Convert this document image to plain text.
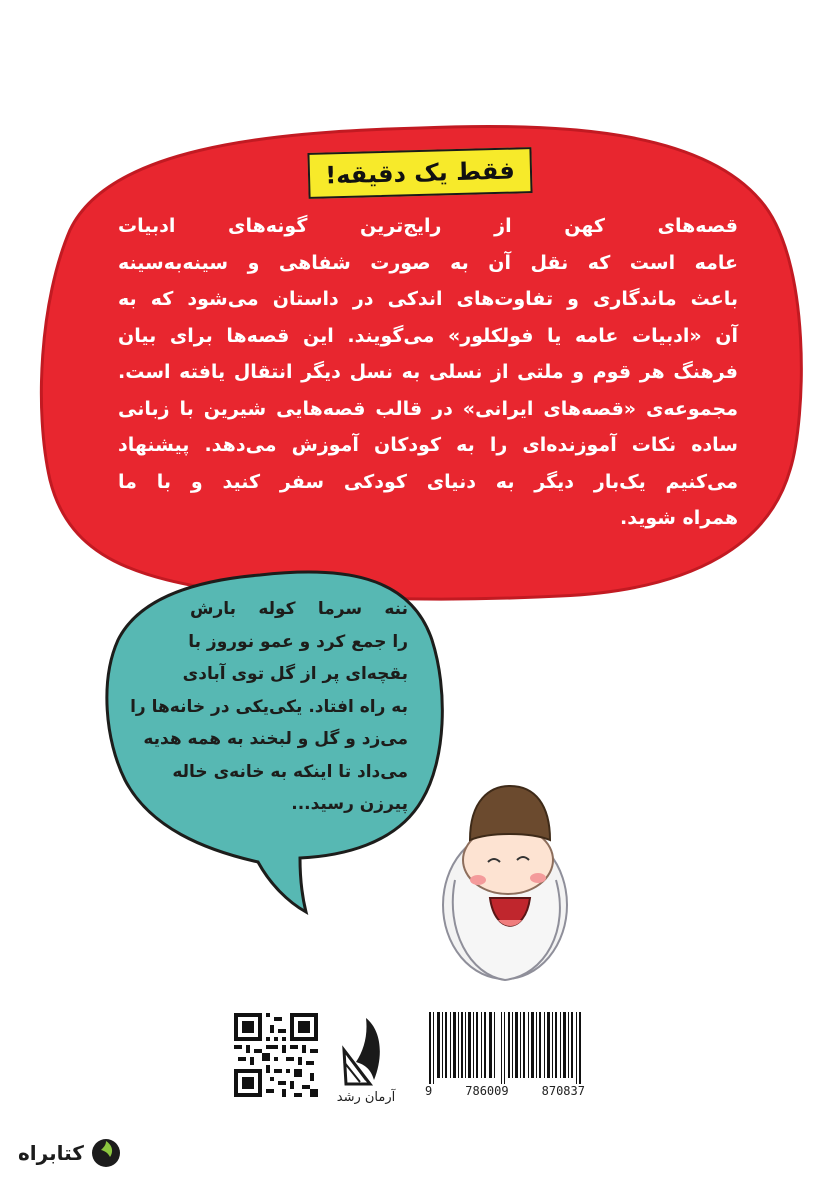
فقط یک دقیقه!
قصه‌های کهن از رایج‌ترین گونه‌های ادبیات
عامه است که نقل آن به صورت شفاهی و سینه‌به‌سینه
باعث ماندگاری و تفاوت‌های اندکی در داستان می‌شود که به
آن «ادبیات عامه یا فولکلور» می‌گویند. این قصه‌ها برای بیان
فرهنگ هر قوم و ملتی از نسلی به نسل دیگر انتقال یافته است.
مجموعه‌ی «قصه‌های ایرانی» در قالب قصه‌هایی شیرین با زبانی
ساده نکات آموزنده‌ای را به کودکان آموزش می‌دهد. پیشنهاد
می‌کنیم یک‌بار دیگر به دنیای کودکی سفر کنید و با ما
همراه شوید.
ننه سرما کوله بارش
را جمع کرد و عمو نوروز با
بقچه‌ای پر از گل توی آبادی
به راه افتاد. یکی‌یکی در خانه‌ها را
می‌زد و گل و لبخند به همه هدیه
می‌داد تا اینکه به خانه‌ی خاله
پیرزن رسید...
آرمان رشد	9	786009	870837
کتابراه
